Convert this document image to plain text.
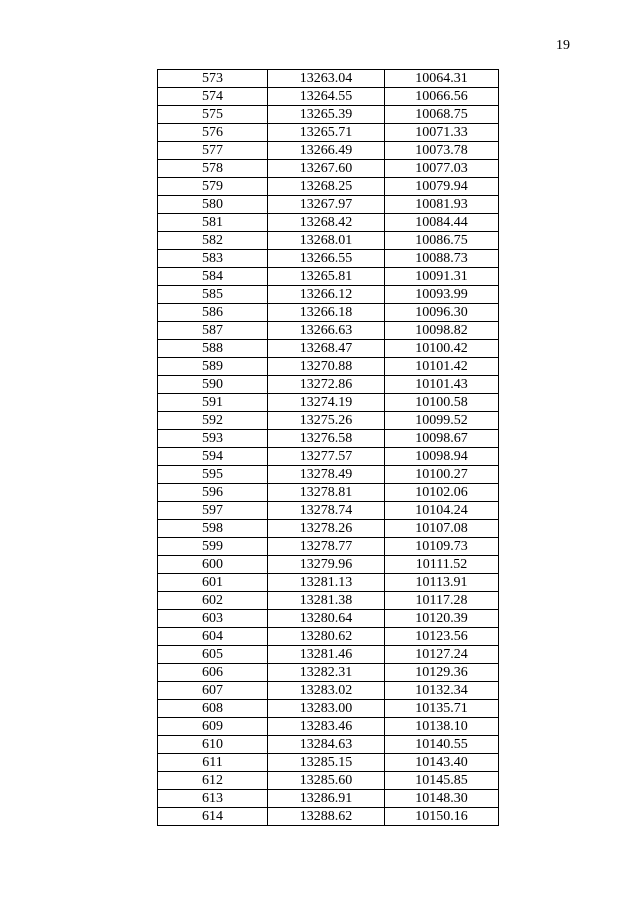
19
573	13263.04	10064.31
574	13264.55	10066.56
575	13265.39	10068.75
576	13265.71	10071.33
577	13266.49	10073.78
578	13267.60	10077.03
579	13268.25	10079.94
580	13267.97	10081.93
581	13268.42	10084.44
582	13268.01	10086.75
583	13266.55	10088.73
584	13265.81	10091.31
585	13266.12	10093.99
586	13266.18	10096.30
587	13266.63	10098.82
588	13268.47	10100.42
589	13270.88	10101.42
590	13272.86	10101.43
591	13274.19	10100.58
592	13275.26	10099.52
593	13276.58	10098.67
594	13277.57	10098.94
595	13278.49	10100.27
596	13278.81	10102.06
597	13278.74	10104.24
598	13278.26	10107.08
599	13278.77	10109.73
600	13279.96	10111.52
601	13281.13	10113.91
602	13281.38	10117.28
603	13280.64	10120.39
604	13280.62	10123.56
605	13281.46	10127.24
606	13282.31	10129.36
607	13283.02	10132.34
608	13283.00	10135.71
609	13283.46	10138.10
610	13284.63	10140.55
611	13285.15	10143.40
612	13285.60	10145.85
613	13286.91	10148.30
614	13288.62	10150.16
